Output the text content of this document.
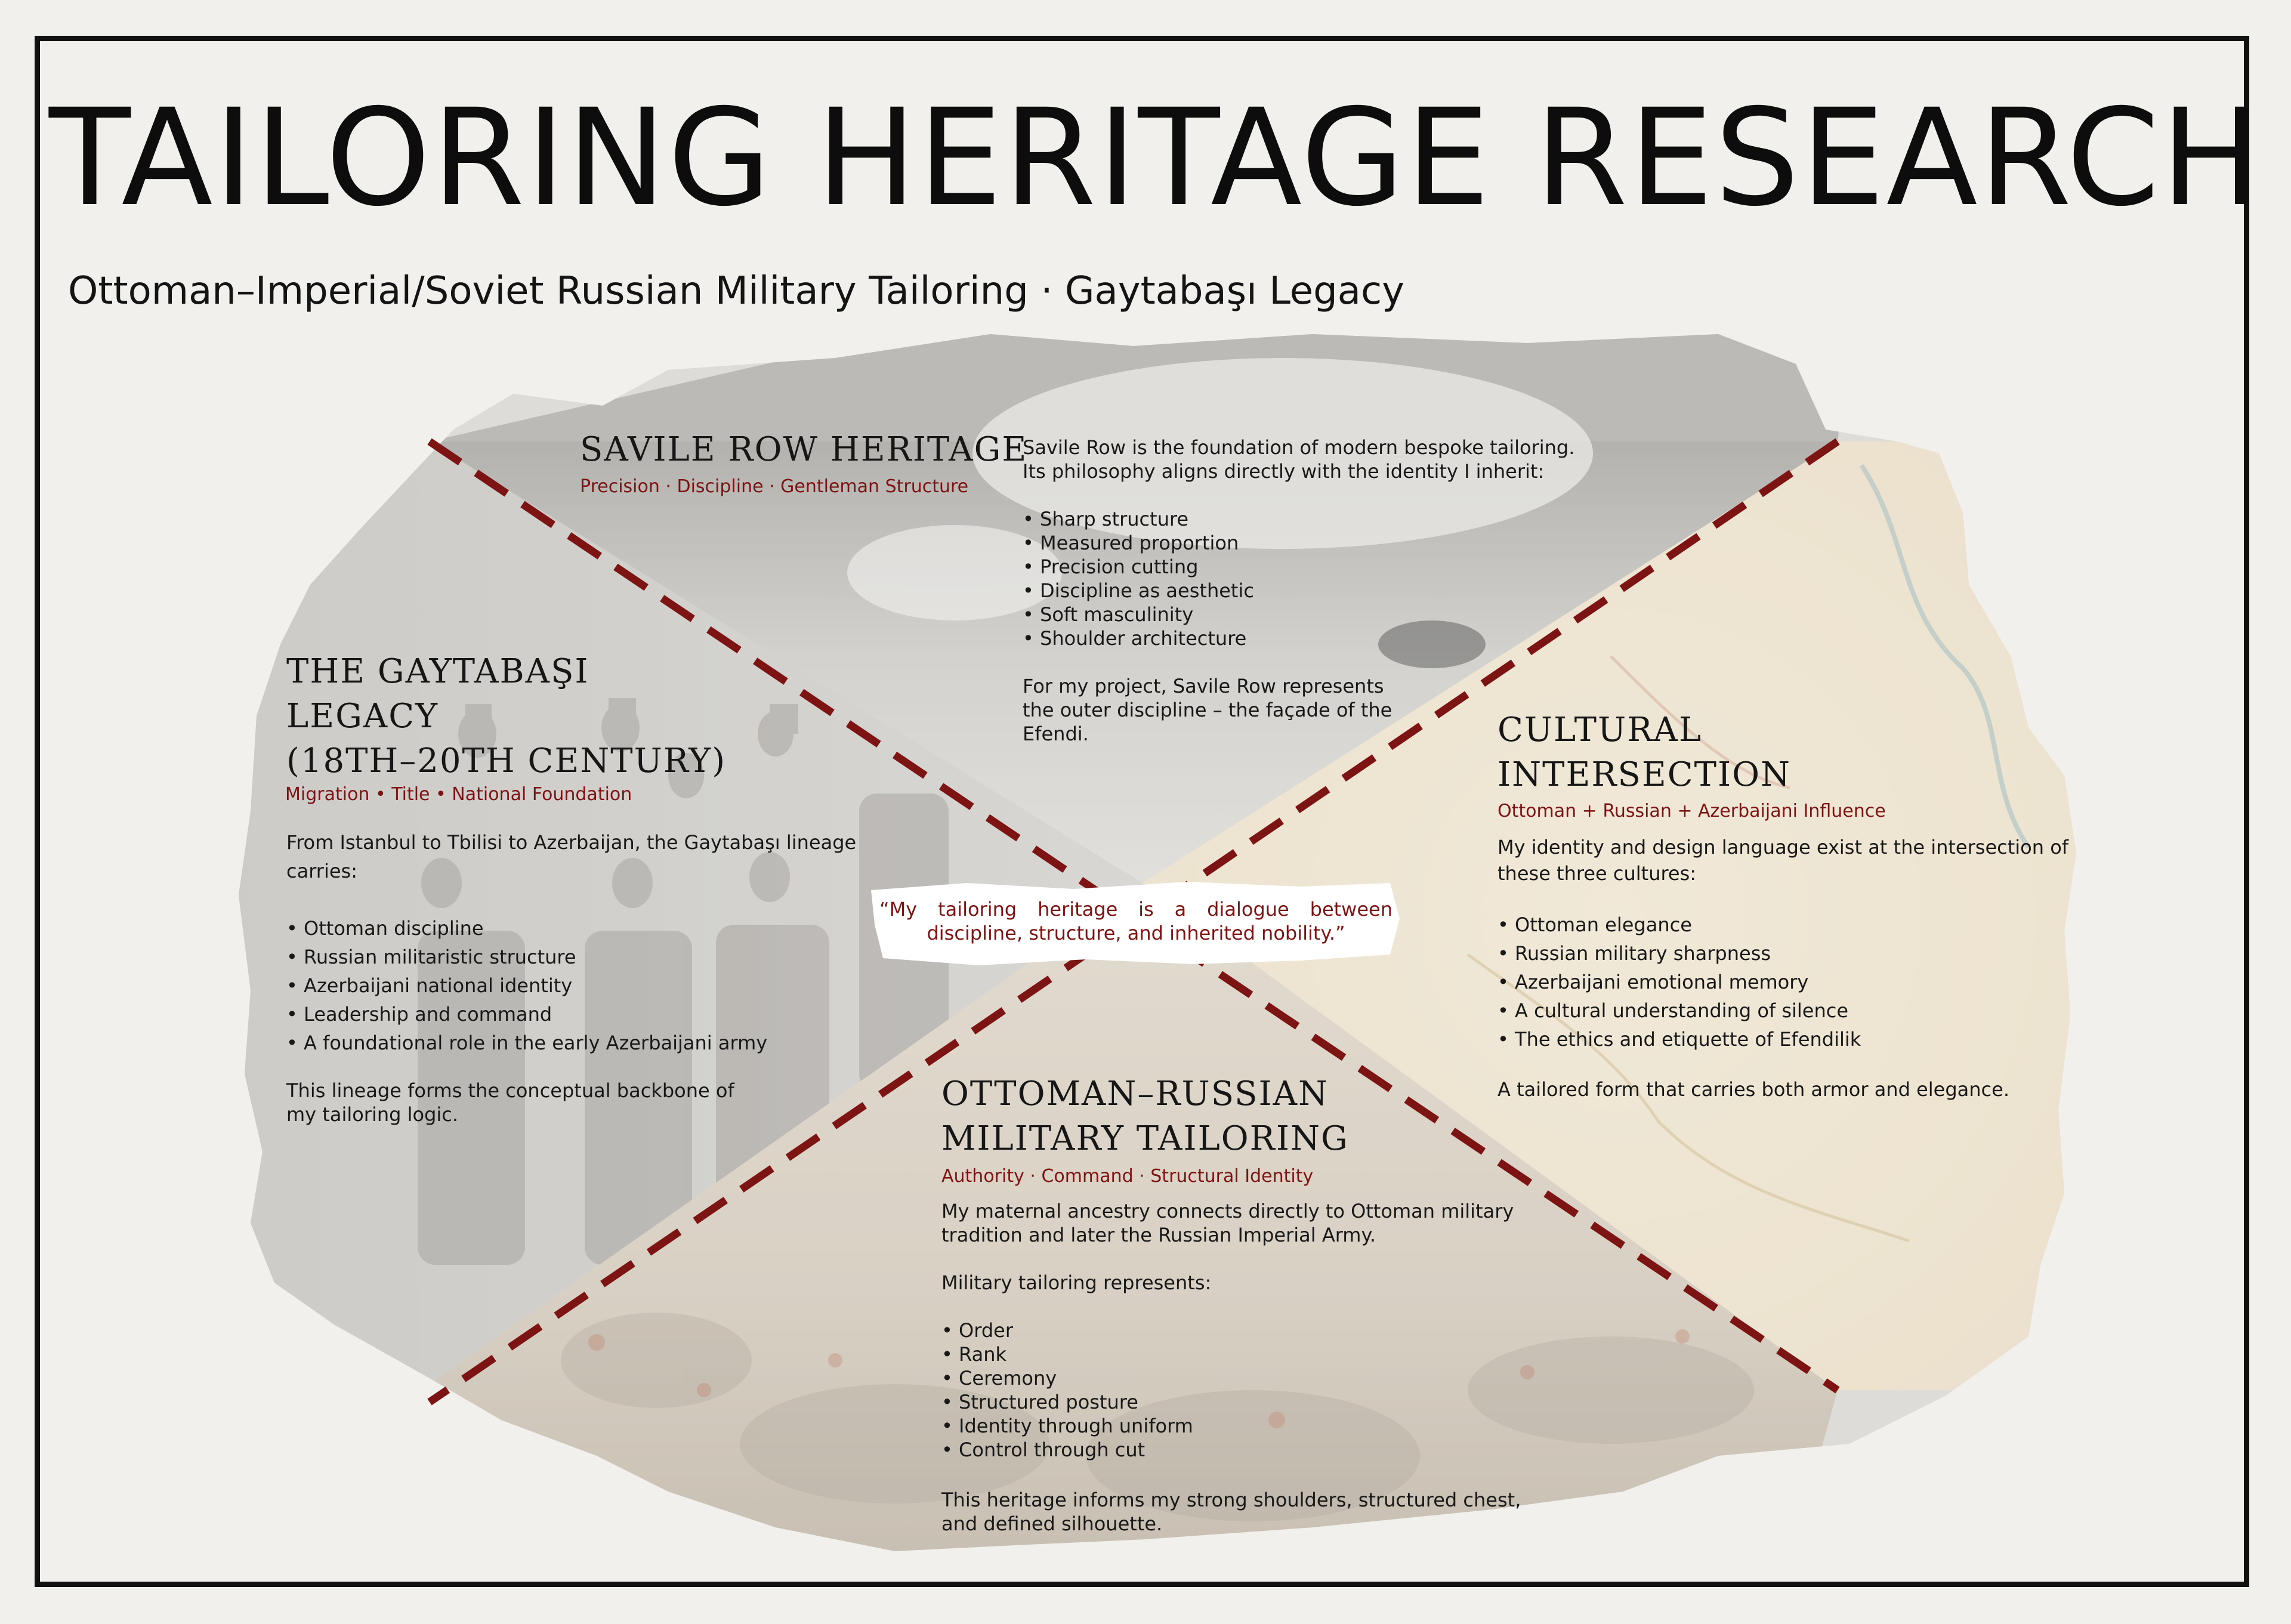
TAILORING HERITAGE RESEARCH
Ottoman–Imperial/Soviet Russian Military Tailoring · Gaytabaşı Legacy
SAVILE ROW HERITAGE
Precision · Discipline · Gentleman Structure

Savile Row is the foundation of modern bespoke tailoring. Its philosophy aligns directly with the identity I inherit:

• Sharp structure
• Measured proportion
• Precision cutting
• Discipline as aesthetic
• Soft masculinity
• Shoulder architecture

For my project, Savile Row represents the outer discipline – the façade of the Efendi.

THE GAYTABAŞI
LEGACY
(18TH–20TH CENTURY)
Migration • Title • National Foundation

From Istanbul to Tbilisi to Azerbaijan, the Gaytabaşı lineage carries:

• Ottoman discipline
• Russian militaristic structure
• Azerbaijani national identity
• Leadership and command
• A foundational role in the early Azerbaijani army

This lineage forms the conceptual backbone of my tailoring logic.

CULTURAL
INTERSECTION
Ottoman + Russian + Azerbaijani Influence

My identity and design language exist at the intersection of these three cultures:

• Ottoman elegance
• Russian military sharpness
• Azerbaijani emotional memory
• A cultural understanding of silence
• The ethics and etiquette of Efendilik

A tailored form that carries both armor and elegance.

“My tailoring heritage is a dialogue between discipline, structure, and inherited nobility.”
OTTOMAN–RUSSIAN
MILITARY TAILORING
Authority · Command · Structural Identity

My maternal ancestry connects directly to Ottoman military tradition and later the Russian Imperial Army.

Military tailoring represents:

• Order
• Rank
• Ceremony
• Structured posture
• Identity through uniform
• Control through cut

This heritage informs my strong shoulders, structured chest, and defined silhouette.
